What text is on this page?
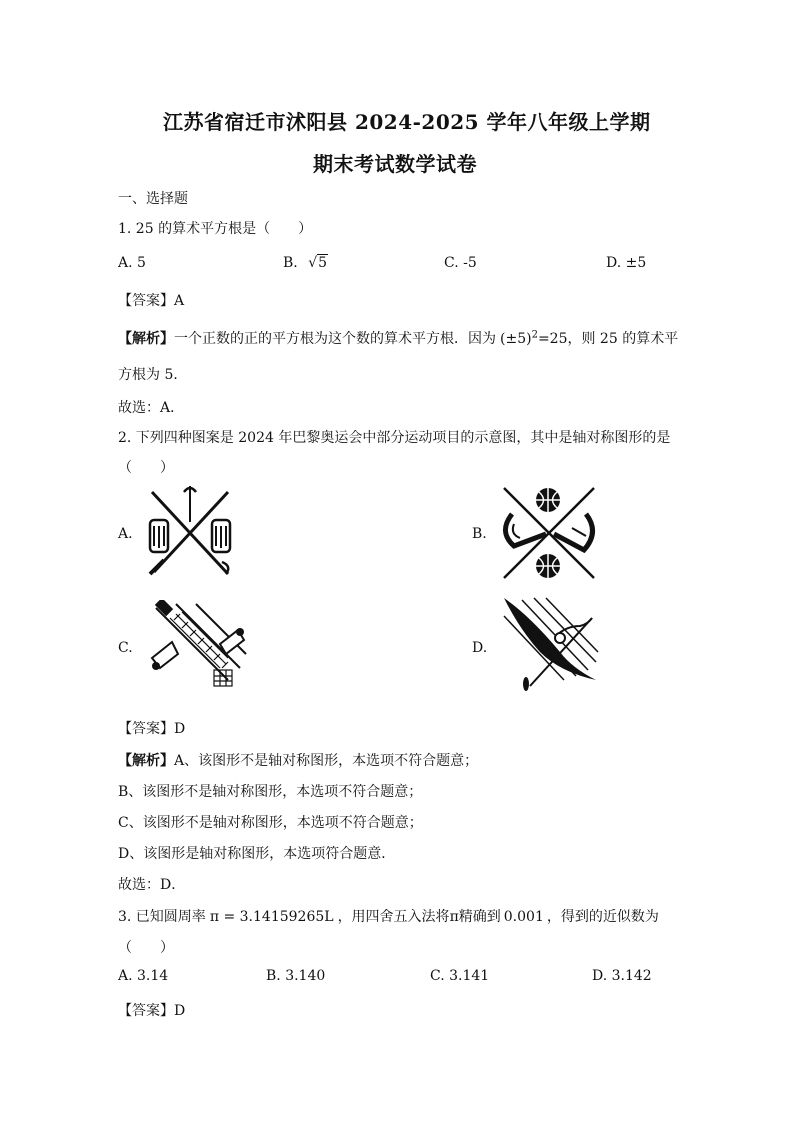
江苏省宿迁市沭阳县 2024-2025 学年八年级上学期
期末考试数学试卷
一、选择题
1. 25 的算术平方根是（　　）
A. 5	B. √5	C. -5	D. ±5
【答案】A
【解析】一个正数的正的平方根为这个数的算术平方根．因为 $(\pm 5)^2=25$，则 25 的算术平
方根为 5．
故选：A．
2. 下列四种图案是 2024 年巴黎奥运会中部分运动项目的示意图，其中是轴对称图形的是
（　　）
A.	B.
C.	D.
【答案】D
【解析】A、该图形不是轴对称图形，本选项不符合题意；
B、该图形不是轴对称图形，本选项不符合题意；
C、该图形不是轴对称图形，本选项不符合题意；
D、该图形是轴对称图形，本选项符合题意．
故选：D．
3. 已知圆周率 π = 3.14159265L ，用四舍五入法将π精确到 0.001 ，得到的近似数为
（　　）
A. 3.14	B. 3.140	C. 3.141	D. 3.142
【答案】D
